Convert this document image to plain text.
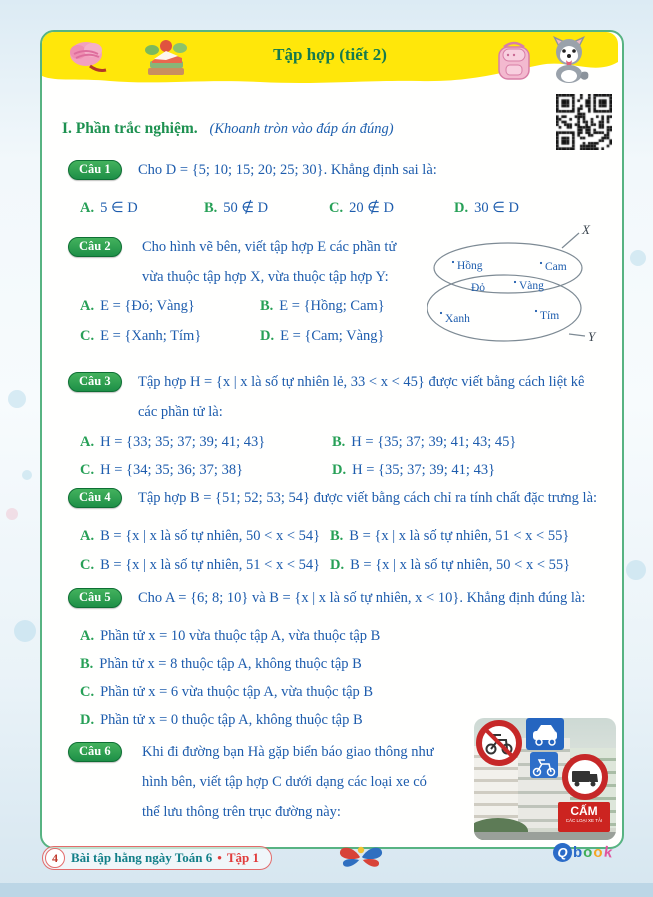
Tập hợp (tiết 2)
I. Phần trắc nghiệm. (Khoanh tròn vào đáp án đúng)
Câu 1	Cho D = {5; 10; 15; 20; 25; 30}. Khẳng định sai là:
A. 5 ∈ D	B. 50 ∉ D	C. 20 ∉ D	D. 30 ∈ D
Câu 2	Cho hình vẽ bên, viết tập hợp E các phần tử
vừa thuộc tập hợp X, vừa thuộc tập hợp Y:
A. E = {Đỏ; Vàng}	B. E = {Hồng; Cam}
C. E = {Xanh; Tím}	D. E = {Cam; Vàng}
X
Y
Hồng	Cam
Đỏ	Vàng
Xanh	Tím
Câu 3	Tập hợp H = {x | x là số tự nhiên lẻ, 33 < x < 45} được viết bằng cách liệt kê
các phần tử là:
A. H = {33; 35; 37; 39; 41; 43}	B. H = {35; 37; 39; 41; 43; 45}
C. H = {34; 35; 36; 37; 38}	D. H = {35; 37; 39; 41; 43}
Câu 4	Tập hợp B = {51; 52; 53; 54} được viết bằng cách chỉ ra tính chất đặc trưng là:
A. B = {x | x là số tự nhiên, 50 < x < 54} B. B = {x | x là số tự nhiên, 51 < x < 55}
C. B = {x | x là số tự nhiên, 51 < x < 54} D. B = {x | x là số tự nhiên, 50 < x < 55}
Câu 5	Cho A = {6; 8; 10} và B = {x | x là số tự nhiên, x < 10}. Khẳng định đúng là:
A. Phần tử x = 10 vừa thuộc tập A, vừa thuộc tập B
B. Phần tử x = 8 thuộc tập A, không thuộc tập B
C. Phần tử x = 6 vừa thuộc tập A, vừa thuộc tập B
D. Phần tử x = 0 thuộc tập A, không thuộc tập B
Câu 6	Khi đi đường bạn Hà gặp biển báo giao thông như
hình bên, viết tập hợp C dưới dạng các loại xe có
thể lưu thông trên trục đường này:	CẤM
CÁC LOẠI XE TẢI
4	Bài tập hằng ngày Toán 6 • Tập 1	Q b o o k
